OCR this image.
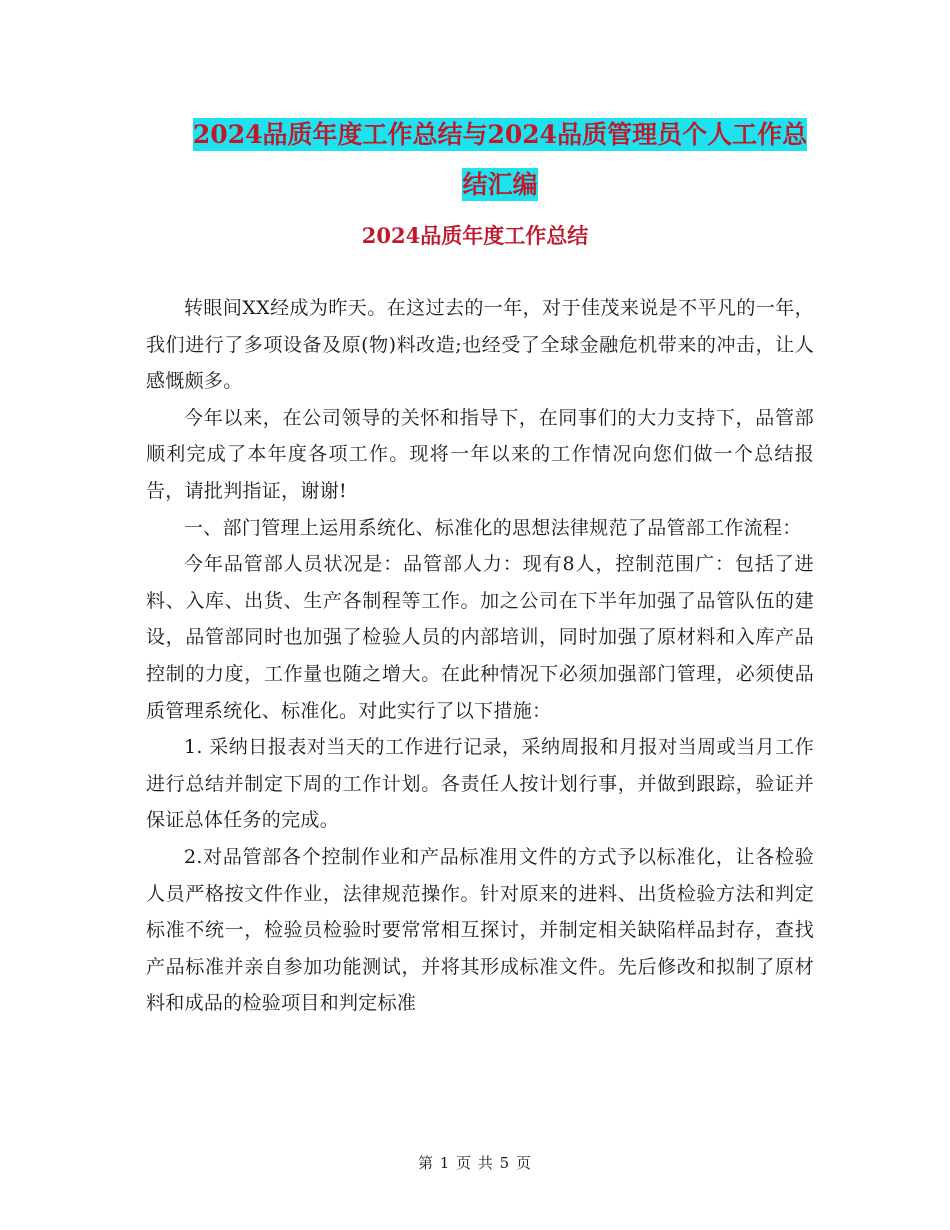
2024品质年度工作总结与2024品质管理员个人工作总
结汇编
2024品质年度工作总结

转眼间XX经成为昨天。在这过去的一年，对于佳茂来说是不平凡的一年，我们进行了多项设备及原(物)料改造;也经受了全球金融危机带来的冲击，让人感慨颇多。

今年以来，在公司领导的关怀和指导下，在同事们的大力支持下，品管部顺利完成了本年度各项工作。现将一年以来的工作情况向您们做一个总结报告，请批判指证，谢谢!

一、部门管理上运用系统化、标准化的思想法律规范了品管部工作流程：

今年品管部人员状况是：品管部人力：现有8人，控制范围广：包括了进料、入库、出货、生产各制程等工作。加之公司在下半年加强了品管队伍的建设，品管部同时也加强了检验人员的内部培训，同时加强了原材料和入库产品控制的力度，工作量也随之增大。在此种情况下必须加强部门管理，必须使品质管理系统化、标准化。对此实行了以下措施：

1. 采纳日报表对当天的工作进行记录，采纳周报和月报对当周或当月工作进行总结并制定下周的工作计划。各责任人按计划行事，并做到跟踪，验证并保证总体任务的完成。

2.对品管部各个控制作业和产品标准用文件的方式予以标准化，让各检验人员严格按文件作业，法律规范操作。针对原来的进料、出货检验方法和判定标准不统一，检验员检验时要常常相互探讨，并制定相关缺陷样品封存，查找产品标准并亲自参加功能测试，并将其形成标准文件。先后修改和拟制了原材料和成品的检验项目和判定标准

第 1 页 共 5 页
